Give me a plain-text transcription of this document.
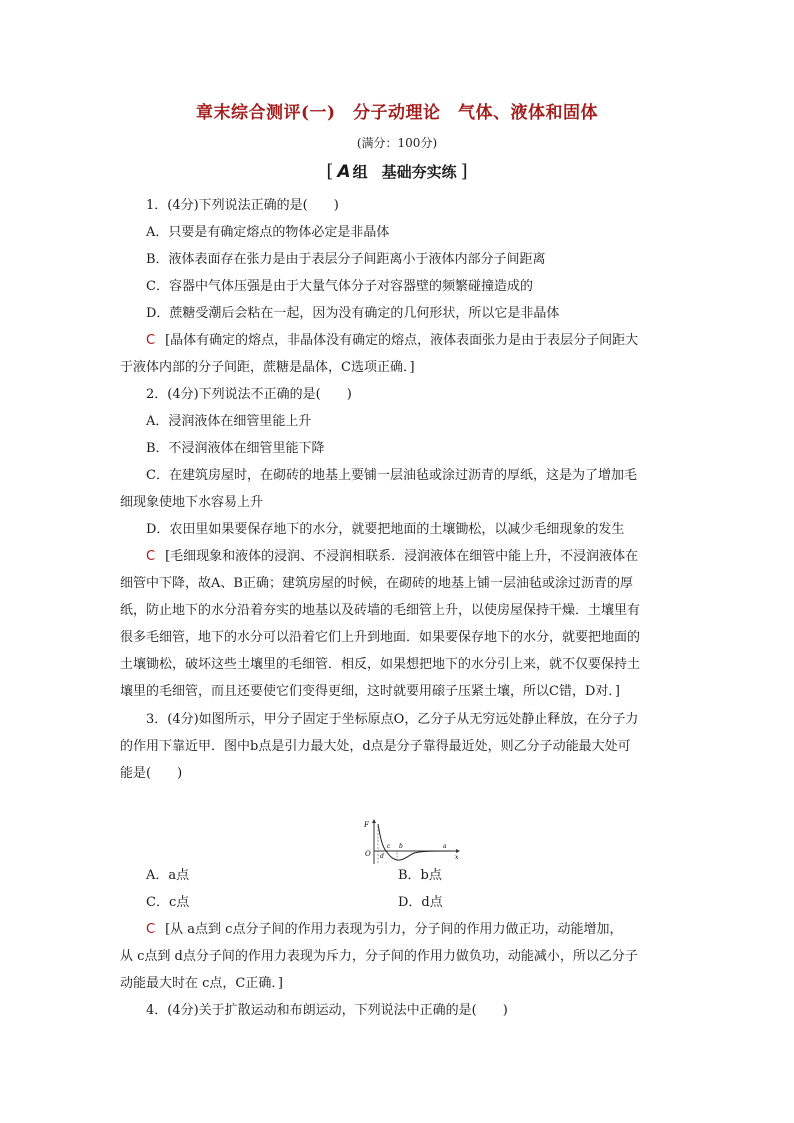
章末综合测评(一)　分子动理论　气体、液体和固体
(满分：100分)
[ A 组 基础夯实练 ]
1．(4分)下列说法正确的是(　　)
A．只要是有确定熔点的物体必定是非晶体
B．液体表面存在张力是由于表层分子间距离小于液体内部分子间距离
C．容器中气体压强是由于大量气体分子对容器壁的频繁碰撞造成的
D．蔗糖受潮后会粘在一起，因为没有确定的几何形状，所以它是非晶体
C [晶体有确定的熔点，非晶体没有确定的熔点，液体表面张力是由于表层分子间距大
于液体内部的分子间距，蔗糖是晶体，C选项正确．]
2．(4分)下列说法不正确的是(　　)
A．浸润液体在细管里能上升
B．不浸润液体在细管里能下降
C．在建筑房屋时，在砌砖的地基上要铺一层油毡或涂过沥青的厚纸，这是为了增加毛
细现象使地下水容易上升
D．农田里如果要保存地下的水分，就要把地面的土壤锄松，以减少毛细现象的发生
C [毛细现象和液体的浸润、不浸润相联系．浸润液体在细管中能上升，不浸润液体在
细管中下降，故A、B正确；建筑房屋的时候，在砌砖的地基上铺一层油毡或涂过沥青的厚
纸，防止地下的水分沿着夯实的地基以及砖墙的毛细管上升，以使房屋保持干燥．土壤里有
很多毛细管，地下的水分可以沿着它们上升到地面．如果要保存地下的水分，就要把地面的
土壤锄松，破坏这些土壤里的毛细管．相反，如果想把地下的水分引上来，就不仅要保持土
壤里的毛细管，而且还要使它们变得更细，这时就要用磙子压紧土壤，所以C错，D对．]
3．(4分)如图所示，甲分子固定于坐标原点O，乙分子从无穷远处静止释放，在分子力
的作用下靠近甲．图中b点是引力最大处，d点是分子靠得最近处，则乙分子动能最大处可
能是(　　)
F
O	x
a
b
c
d
A．a点	B．b点
C．c点	D．d点
C [从 a点到 c点分子间的作用力表现为引力，分子间的作用力做正功，动能增加，
从 c点到 d点分子间的作用力表现为斥力，分子间的作用力做负功，动能减小，所以乙分子
动能最大时在 c点，C正确．]
4．(4分)关于扩散运动和布朗运动，下列说法中正确的是(　　)
